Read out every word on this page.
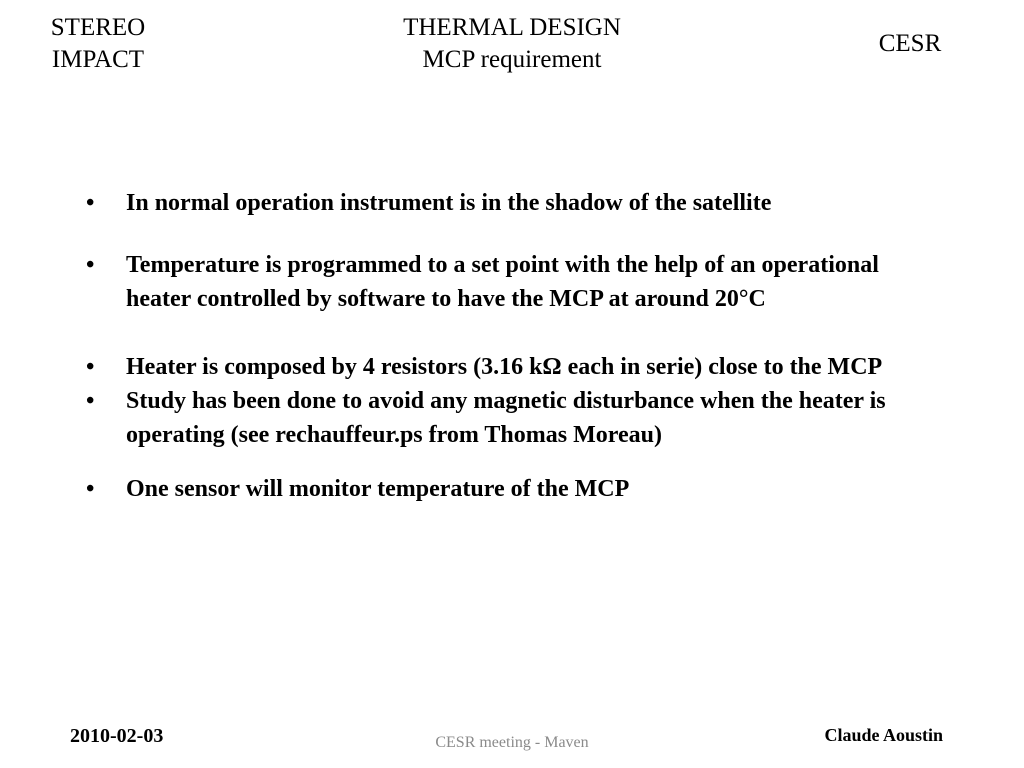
STEREO
IMPACT
THERMAL DESIGN
MCP requirement
CESR
•	In normal operation instrument is in the shadow of the satellite
•	Temperature is programmed to a set point with the help of an operational heater controlled by software to have the MCP at around 20°C
•	Heater is composed by 4 resistors (3.16 kΩ each in serie) close to the MCP
•	Study has been done to avoid any magnetic disturbance when the heater is operating (see rechauffeur.ps from Thomas Moreau)
•	One sensor will monitor temperature of the MCP
2010-02-03	CESR meeting - Maven	Claude Aoustin
